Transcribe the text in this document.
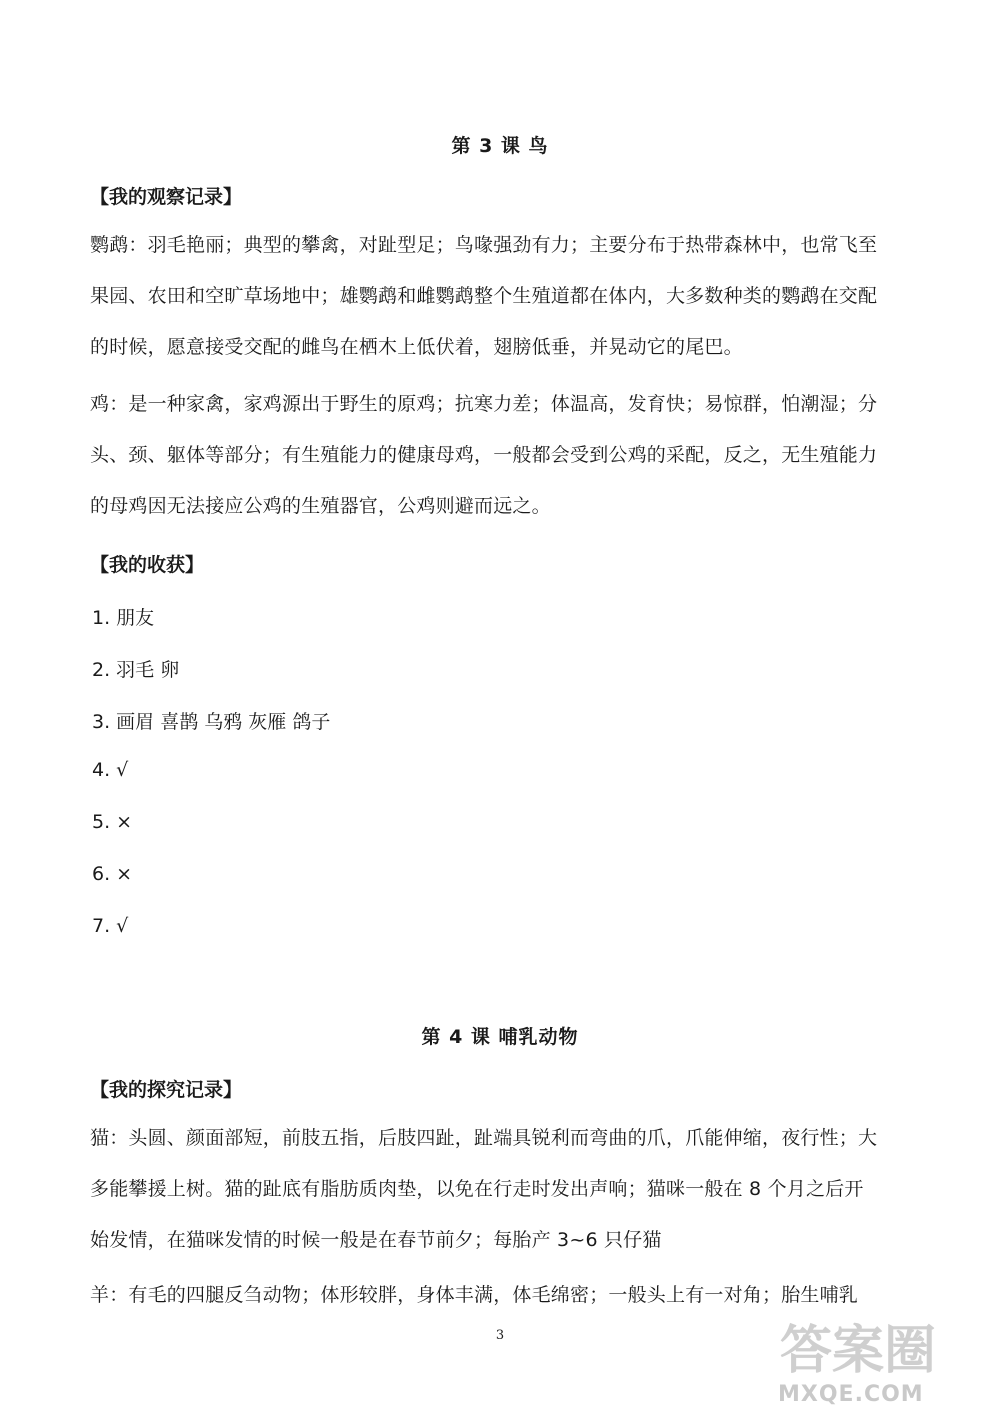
第 3 课 鸟
【我的观察记录】
鹦鹉：羽毛艳丽；典型的攀禽，对趾型足；鸟喙强劲有力；主要分布于热带森林中，也常飞至
果园、农田和空旷草场地中；雄鹦鹉和雌鹦鹉整个生殖道都在体内，大多数种类的鹦鹉在交配
的时候，愿意接受交配的雌鸟在栖木上低伏着，翅膀低垂，并晃动它的尾巴。
鸡：是一种家禽，家鸡源出于野生的原鸡；抗寒力差；体温高，发育快；易惊群，怕潮湿；分
头、颈、躯体等部分；有生殖能力的健康母鸡，一般都会受到公鸡的采配，反之，无生殖能力
的母鸡因无法接应公鸡的生殖器官，公鸡则避而远之。
【我的收获】
1. 朋友
2. 羽毛 卵
3. 画眉 喜鹊 乌鸦 灰雁 鸽子
4. √
5. ×
6. ×
7. √
第 4 课 哺乳动物
【我的探究记录】
猫：头圆、颜面部短，前肢五指，后肢四趾，趾端具锐利而弯曲的爪，爪能伸缩，夜行性；大
多能攀援上树。猫的趾底有脂肪质肉垫，以免在行走时发出声响；猫咪一般在 8 个月之后开
始发情，在猫咪发情的时候一般是在春节前夕；每胎产 3~6 只仔猫
羊：有毛的四腿反刍动物；体形较胖，身体丰满，体毛绵密；一般头上有一对角；胎生哺乳
3	答案圈
MXQE.COM
